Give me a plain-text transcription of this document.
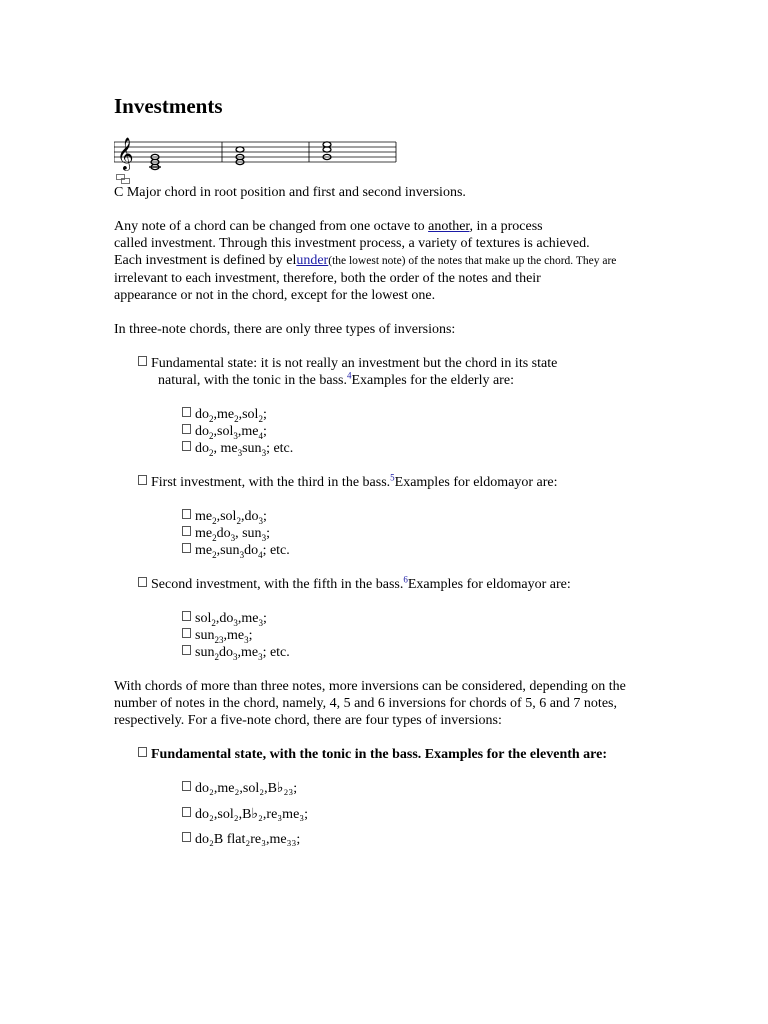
Investments
𝄞

C Major chord in root position and first and second inversions.

Any note of a chord can be changed from one octave to another, in a process

called investment. Through this investment process, a variety of textures is achieved.

Each investment is defined by elunder(the lowest note) of the notes that make up the chord. They are

irrelevant to each investment, therefore, both the order of the notes and their

appearance or not in the chord, except for the lowest one.

In three-note chords, there are only three types of inversions:

Fundamental state: it is not really an investment but the chord in its state
natural, with the tonic in the bass.$^4$Examples for the elderly are:
$do_2,me_2,sol_2$;
$do_2,sol_3,me_4$;
$do_2$, $me_3sun_3$; etc.
First investment, with the third in the bass.$^5$Examples for eldomayor are:
$me_2,sol_2,do_3$;
$me_2do_3$, sun$_3$;
$me_2,sun_3do_4$; etc.
Second investment, with the fifth in the bass.$^6$Examples for eldomayor are:
$sol_2,do_3,me_3$;
$sun_{23},me_3$;
$sun_2do_3,me_3$; etc.

With chords of more than three notes, more inversions can be considered, depending on the

number of notes in the chord, namely, 4, 5 and 6 inversions for chords of 5, 6 and 7 notes,

respectively. For a five-note chord, there are four types of inversions:

Fundamental state, with the tonic in the bass. Examples for the eleventh are:
do₂,me₂,sol₂,B♭₂₃;
do₂,sol₂,B♭₂,re₃me₃;
do₂B flat₂re₃,me₃₃;
